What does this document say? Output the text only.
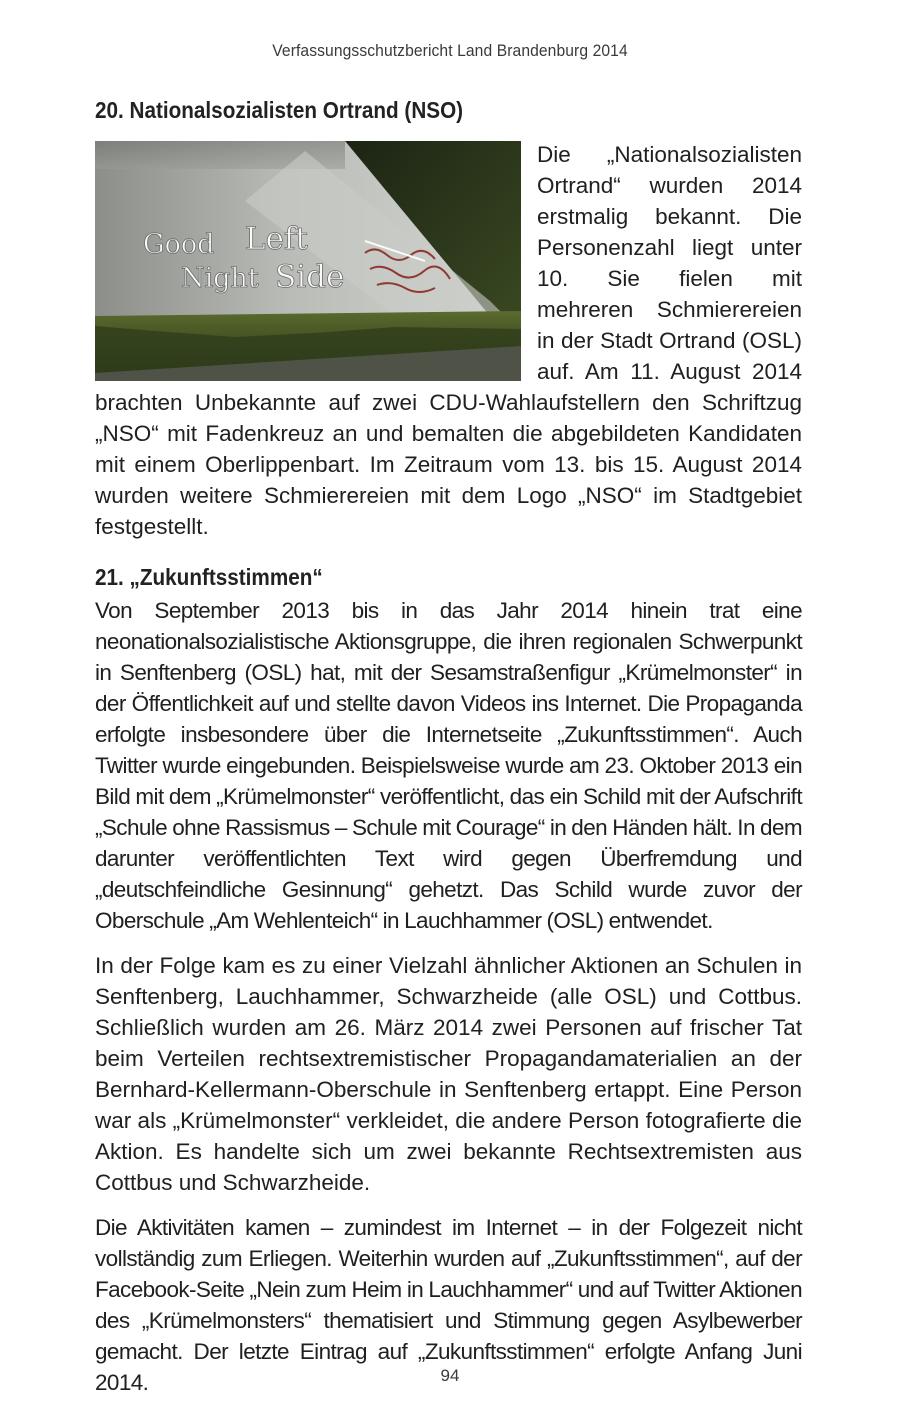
Verfassungsschutzbericht Land Brandenburg 2014
20. Nationalsozialisten Ortrand (NSO)
Good
Night
Left
Side

Die „Nationalsozialisten Ortrand“ wurden 2014 erstmalig bekannt. Die Personenzahl liegt unter 10. Sie fielen mit mehreren Schmierereien in der Stadt Ortrand (OSL) auf. Am 11. August 2014 brachten Unbekannte auf zwei CDU-Wahlaufstellern den Schriftzug „NSO“ mit Fadenkreuz an und bemalten die abgebildeten Kandidaten mit einem Oberlippenbart. Im Zeitraum vom 13. bis 15. August 2014 wurden weitere Schmierereien mit dem Logo „NSO“ im Stadtgebiet festgestellt.

21. „Zukunftsstimmen“

Von September 2013 bis in das Jahr 2014 hinein trat eine neonationalsozialistische Aktionsgruppe, die ihren regionalen Schwerpunkt in Senftenberg (OSL) hat, mit der Sesamstraßenfigur „Krümelmonster“ in der Öffentlichkeit auf und stellte davon Videos ins Internet. Die Propaganda erfolgte insbesondere über die Internetseite „Zukunftsstimmen“. Auch Twitter wurde eingebunden. Beispielsweise wurde am 23. Oktober 2013 ein Bild mit dem „Krümelmonster“ veröffentlicht, das ein Schild mit der Aufschrift „Schule ohne Rassismus – Schule mit Courage“ in den Händen hält. In dem darunter veröffentlichten Text wird gegen Überfremdung und „deutschfeindliche Gesinnung“ gehetzt. Das Schild wurde zuvor der Oberschule „Am Wehlenteich“ in Lauchhammer (OSL) entwendet.

In der Folge kam es zu einer Vielzahl ähnlicher Aktionen an Schulen in Senftenberg, Lauchhammer, Schwarzheide (alle OSL) und Cottbus. Schließlich wurden am 26. März 2014 zwei Personen auf frischer Tat beim Verteilen rechtsextremistischer Propagandamaterialien an der Bernhard-Kellermann-Oberschule in Senftenberg ertappt. Eine Person war als „Krümelmonster“ verkleidet, die andere Person fotografierte die Aktion. Es handelte sich um zwei bekannte Rechtsextremisten aus Cottbus und Schwarzheide.

Die Aktivitäten kamen – zumindest im Internet – in der Folgezeit nicht vollständig zum Erliegen. Weiterhin wurden auf „Zukunftsstimmen“, auf der Facebook-Seite „Nein zum Heim in Lauchhammer“ und auf Twitter Aktionen des „Krümelmonsters“ thematisiert und Stimmung gegen Asylbewerber gemacht. Der letzte Eintrag auf „Zukunftsstimmen“ erfolgte Anfang Juni 2014.	94
